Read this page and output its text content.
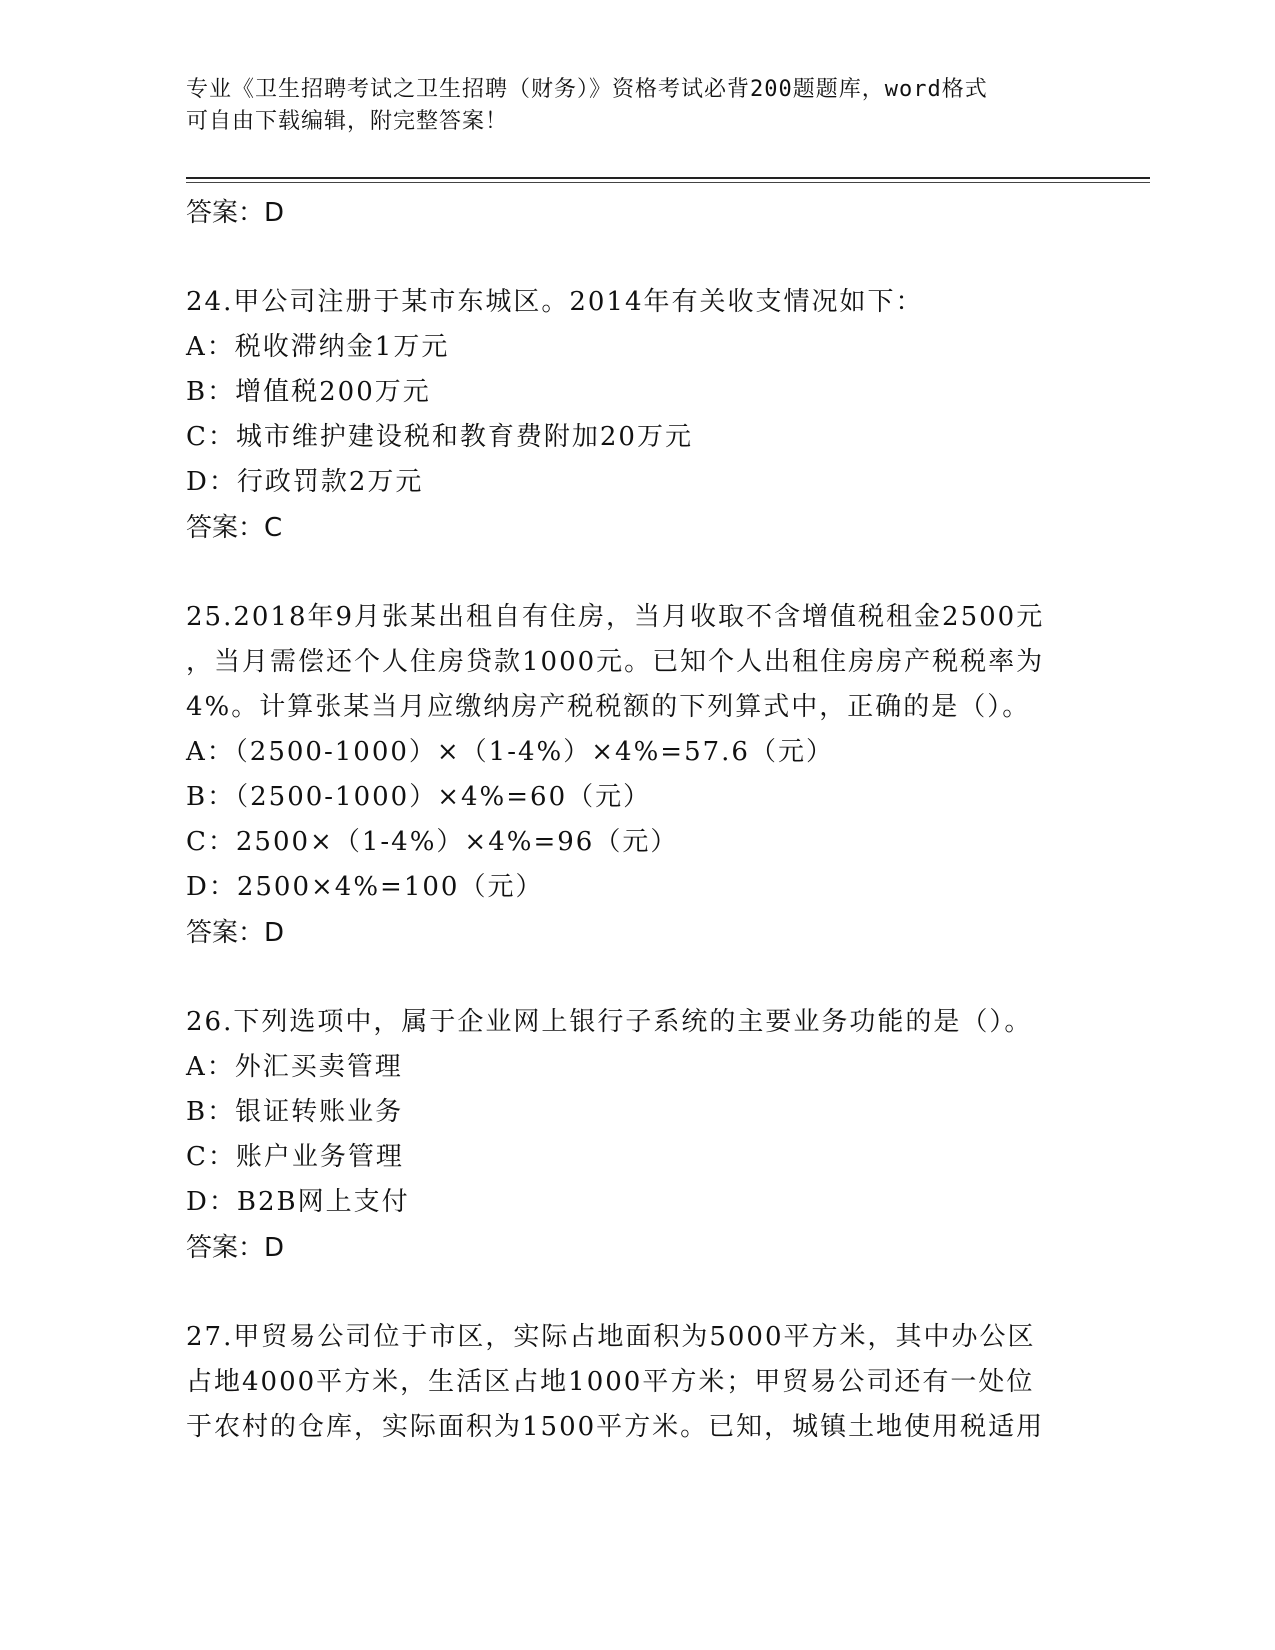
专业《卫生招聘考试之卫生招聘（财务）》资格考试必背200题题库，word格式
可自由下载编辑，附完整答案！

答案：D

24.甲公司注册于某市东城区。2014年有关收支情况如下：

A：税收滞纳金1万元

B：增值税200万元

C：城市维护建设税和教育费附加20万元

D：行政罚款2万元

答案：C

25.2018年9月张某出租自有住房，当月收取不含增值税租金2500元

，当月需偿还个人住房贷款1000元。已知个人出租住房房产税税率为

4%。计算张某当月应缴纳房产税税额的下列算式中，正确的是（）。

A：（2500-1000）×（1-4%）×4%=57.6（元）

B：（2500-1000）×4%=60（元）

C：2500×（1-4%）×4%=96（元）

D：2500×4%=100（元）

答案：D

26.下列选项中，属于企业网上银行子系统的主要业务功能的是（）。

A：外汇买卖管理

B：银证转账业务

C：账户业务管理

D：B2B网上支付

答案：D

27.甲贸易公司位于市区，实际占地面积为5000平方米，其中办公区

占地4000平方米，生活区占地1000平方米；甲贸易公司还有一处位

于农村的仓库，实际面积为1500平方米。已知，城镇土地使用税适用
